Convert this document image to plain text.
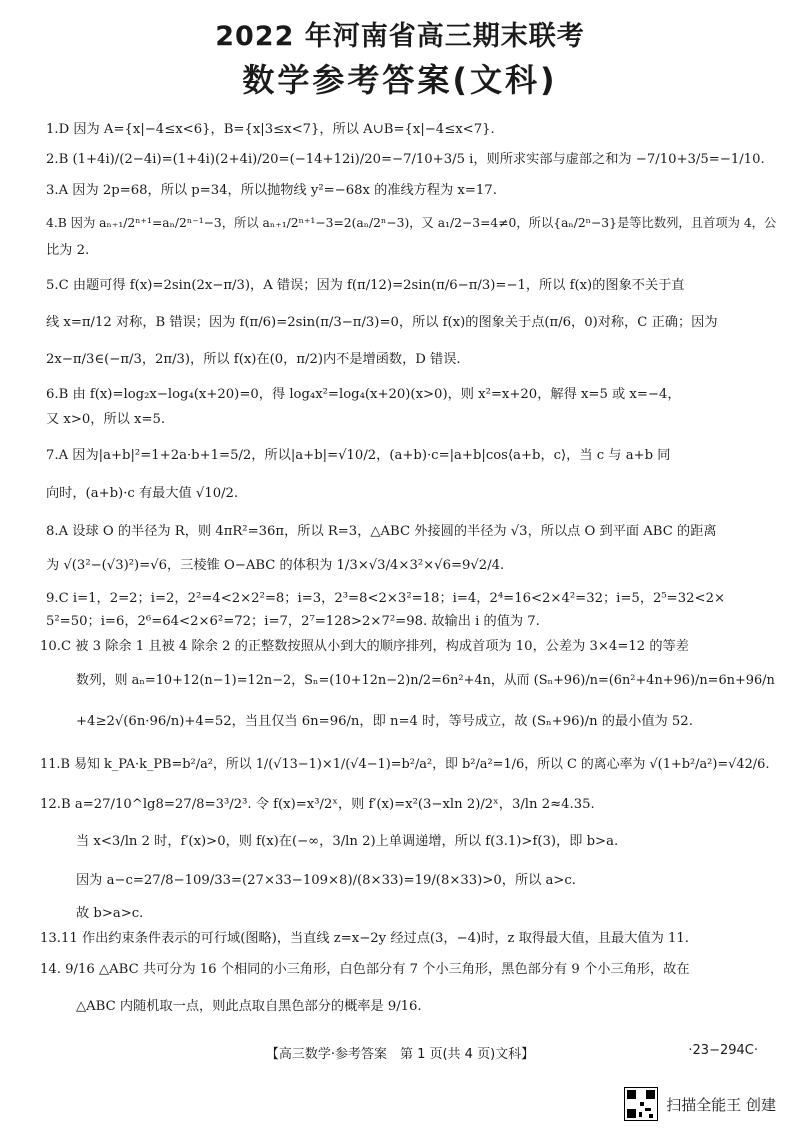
2022 年河南省高三期末联考
数学参考答案(文科)
1.D 因为 A={x|−4≤x<6}，B={x|3≤x<7}，所以 A∪B={x|−4≤x<7}.
2.B (1+4i)/(2−4i)=(1+4i)(2+4i)/20=(−14+12i)/20=−7/10+3/5 i，则所求实部与虚部之和为 −7/10+3/5=−1/10.
3.A 因为 2p=68，所以 p=34，所以抛物线 y²=−68x 的准线方程为 x=17.
4.B 因为 aₙ₊₁/2ⁿ⁺¹=aₙ/2ⁿ⁻¹−3，所以 aₙ₊₁/2ⁿ⁺¹−3=2(aₙ/2ⁿ−3)，又 a₁/2−3=4≠0，所以{aₙ/2ⁿ−3}是等比数列，且首项为 4，公
比为 2.
5.C 由题可得 f(x)=2sin(2x−π/3)，A 错误；因为 f(π/12)=2sin(π/6−π/3)=−1，所以 f(x)的图象不关于直
线 x=π/12 对称，B 错误；因为 f(π/6)=2sin(π/3−π/3)=0，所以 f(x)的图象关于点(π/6，0)对称，C 正确；因为
2x−π/3∈(−π/3，2π/3)，所以 f(x)在(0，π/2)内不是增函数，D 错误.
6.B 由 f(x)=log₂x−log₄(x+20)=0，得 log₄x²=log₄(x+20)(x>0)，则 x²=x+20，解得 x=5 或 x=−4，
又 x>0，所以 x=5.
7.A 因为|a+b|²=1+2a·b+1=5/2，所以|a+b|=√10/2，(a+b)·c=|a+b|cos⟨a+b，c⟩，当 c 与 a+b 同
向时，(a+b)·c 有最大值 √10/2.
8.A 设球 O 的半径为 R，则 4πR²=36π，所以 R=3，△ABC 外接圆的半径为 √3，所以点 O 到平面 ABC 的距离
为 √(3²−(√3)²)=√6，三棱锥 O−ABC 的体积为 1/3×√3/4×3²×√6=9√2/4.
9.C i=1，2=2；i=2，2²=4<2×2²=8；i=3，2³=8<2×3²=18；i=4，2⁴=16<2×4²=32；i=5，2⁵=32<2×
5²=50；i=6，2⁶=64<2×6²=72；i=7，2⁷=128>2×7²=98. 故输出 i 的值为 7.
10.C 被 3 除余 1 且被 4 除余 2 的正整数按照从小到大的顺序排列，构成首项为 10，公差为 3×4=12 的等差
数列，则 aₙ=10+12(n−1)=12n−2，Sₙ=(10+12n−2)n/2=6n²+4n，从而 (Sₙ+96)/n=(6n²+4n+96)/n=6n+96/n
+4≥2√(6n·96/n)+4=52，当且仅当 6n=96/n，即 n=4 时，等号成立，故 (Sₙ+96)/n 的最小值为 52.
11.B 易知 k_PA·k_PB=b²/a²，所以 1/(√13−1)×1/(√4−1)=b²/a²，即 b²/a²=1/6，所以 C 的离心率为 √(1+b²/a²)=√42/6.
12.B a=27/10^lg8=27/8=3³/2³. 令 f(x)=x³/2ˣ，则 f′(x)=x²(3−xln 2)/2ˣ，3/ln 2≈4.35.
当 x<3/ln 2 时，f′(x)>0，则 f(x)在(−∞，3/ln 2)上单调递增，所以 f(3.1)>f(3)，即 b>a.
因为 a−c=27/8−109/33=(27×33−109×8)/(8×33)=19/(8×33)>0，所以 a>c.
故 b>a>c.
13.11 作出约束条件表示的可行域(图略)，当直线 z=x−2y 经过点(3，−4)时，z 取得最大值，且最大值为 11.
14. 9/16 △ABC 共可分为 16 个相同的小三角形，白色部分有 7 个小三角形，黑色部分有 9 个小三角形，故在
△ABC 内随机取一点，则此点取自黑色部分的概率是 9/16.
【高三数学·参考答案　第 1 页(共 4 页)文科】	·23−294C·
扫描全能王 创建
